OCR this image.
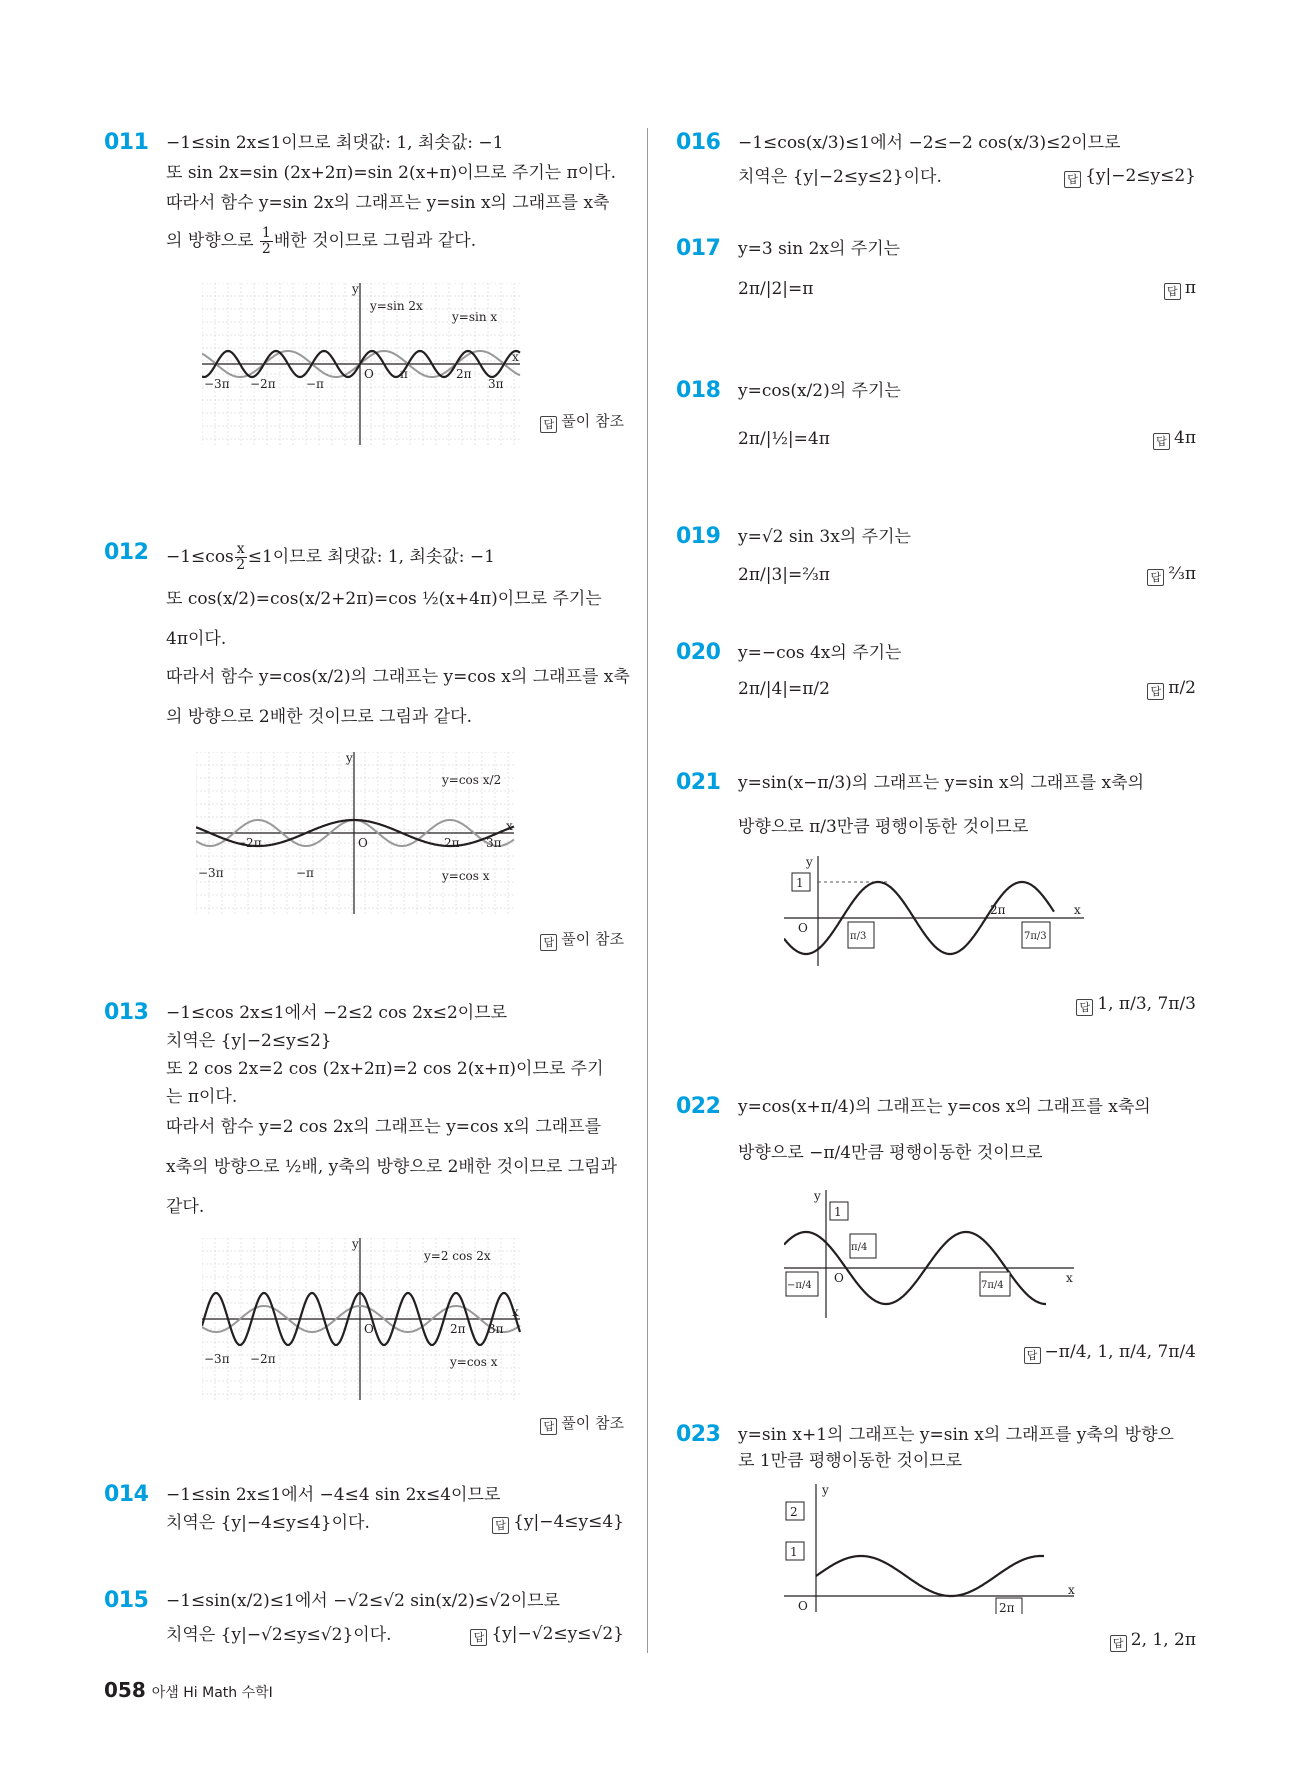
011 −1≤sin 2x≤1이므로 최댓값: 1, 최솟값: −1
또 sin 2x=sin (2x+2π)=sin 2(x+π)이므로 주기는 π이다.
따라서 함수 y=sin 2x의 그래프는 y=sin x의 그래프를 x축
의 방향으로 $\frac{1}{2}$ 배한 것이므로 그림과 같다.
O
x
y
y=sin 2x
y=sin x
−3π −2π	−π
2π
3π
π
답 풀이 참조
$012 -1\le\cos \frac{x}{2} \le 1$이므로 최댓값: 1, 최솟값: −1
또 cos(x/2)=cos(x/2+2π)=cos ½(x+4π)이므로 주기는
4π이다.
따라서 함수 y=cos(x/2)의 그래프는 y=cos x의 그래프를 x축
의 방향으로 2배한 것이므로 그림과 같다.
O
x
y
y=cos x/2
y=cos x
−3π	−π
−2π	2π 3π
답 풀이 참조
013 −1≤cos 2x≤1에서 −2≤2 cos 2x≤2이므로
치역은 {y|−2≤y≤2}
또 2 cos 2x=2 cos (2x+2π)=2 cos 2(x+π)이므로 주기
는 π이다.
따라서 함수 y=2 cos 2x의 그래프는 y=cos x의 그래프를
x축의 방향으로 ½배, y축의 방향으로 2배한 것이므로 그림과
같다.
O
x
y
y=2 cos 2x
y=cos x
−3π −2π
2π 3π
답 풀이 참조
014 −1≤sin 2x≤1에서 −4≤4 sin 2x≤4이므로
치역은 {y|−4≤y≤4}이다.	답 {y|−4≤y≤4}
015 −1≤sin(x/2)≤1에서 −√2≤√2 sin(x/2)≤√2이므로
치역은 {y|−√2≤y≤√2}이다.	답 {y|−√2≤y≤√2}
016 −1≤cos(x/3)≤1에서 −2≤−2 cos(x/3)≤2이므로
치역은 {y|−2≤y≤2}이다.	답 {y|−2≤y≤2}
017 y=3 sin 2x의 주기는
2π/|2|=π	답 π
018 y=cos(x/2)의 주기는
2π/|½|=4π	답 4π
019 y=√2 sin 3x의 주기는
2π/|3|=⅔π	답 ⅔π
020 y=−cos 4x의 주기는
2π/|4|=π/2	답 π/2
021 y=sin(x−π/3)의 그래프는 y=sin x의 그래프를 x축의
방향으로 π/3만큼 평행이동한 것이므로
O
x
y
1
π/3	7π/3
2π
답 1, π/3, 7π/3
022 y=cos(x+π/4)의 그래프는 y=cos x의 그래프를 x축의
방향으로 −π/4만큼 평행이동한 것이므로
답 −π/4, 1, π/4, 7π/4
023 y=sin x+1의 그래프는 y=sin x의 그래프를 y축의 방향으
로 1만큼 평행이동한 것이므로
답 2, 1, 2π
O	x
y
1
π/4
−π/4	7π/4
O
x
y
2
1
2π
058 아샘 Hi Math 수학Ⅰ
